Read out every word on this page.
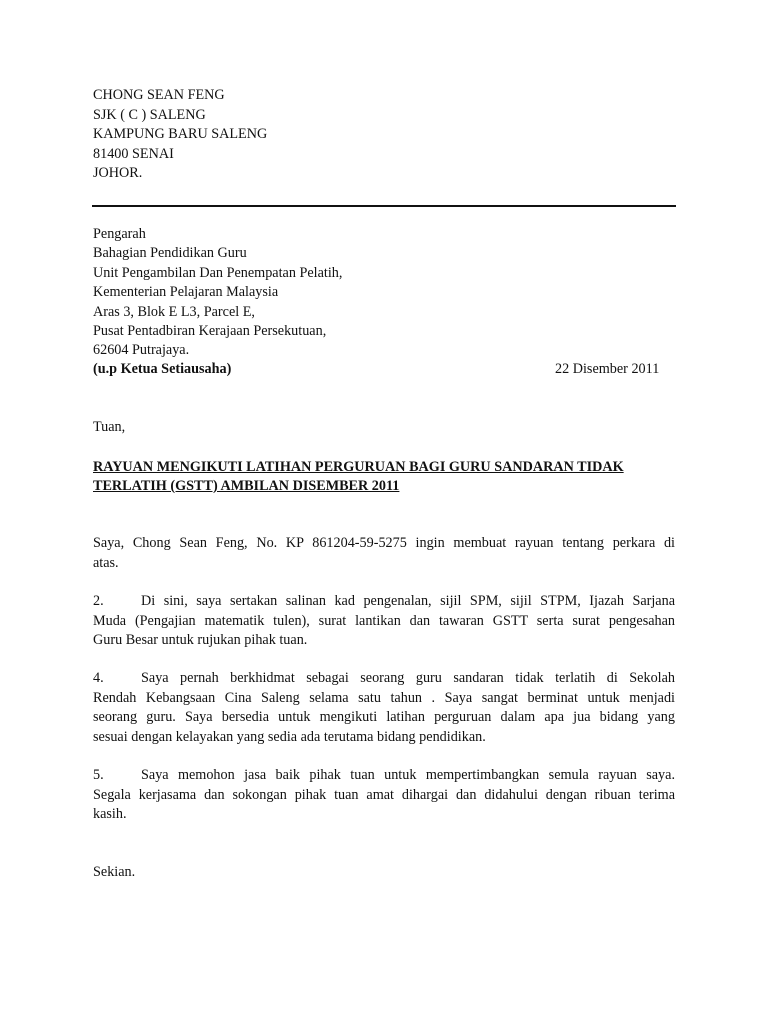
CHONG SEAN FENG
SJK ( C ) SALENG
KAMPUNG BARU SALENG
81400 SENAI
JOHOR.
Pengarah
Bahagian Pendidikan Guru
Unit Pengambilan Dan Penempatan Pelatih,
Kementerian Pelajaran Malaysia
Aras 3, Blok E L3, Parcel E,
Pusat Pentadbiran Kerajaan Persekutuan,
62604 Putrajaya.
(u.p Ketua Setiausaha)	22 Disember 2011
Tuan,
RAYUAN MENGIKUTI LATIHAN PERGURUAN BAGI GURU SANDARAN TIDAK
TERLATIH (GSTT) AMBILAN DISEMBER 2011
Saya, Chong Sean Feng, No. KP 861204-59-5275 ingin membuat rayuan tentang perkara di
atas.
2.	Di sini, saya sertakan salinan kad pengenalan, sijil SPM, sijil STPM, Ijazah Sarjana
Muda (Pengajian matematik tulen), surat lantikan dan tawaran GSTT serta surat pengesahan
Guru Besar untuk rujukan pihak tuan.
4.	Saya pernah berkhidmat sebagai seorang guru sandaran tidak terlatih di Sekolah
Rendah Kebangsaan Cina Saleng selama satu tahun . Saya sangat berminat untuk menjadi
seorang guru. Saya bersedia untuk mengikuti latihan perguruan dalam apa jua bidang yang
sesuai dengan kelayakan yang sedia ada terutama bidang pendidikan.
5.	Saya memohon jasa baik pihak tuan untuk mempertimbangkan semula rayuan saya.
Segala kerjasama dan sokongan pihak tuan amat dihargai dan didahului dengan ribuan terima
kasih.
Sekian.
